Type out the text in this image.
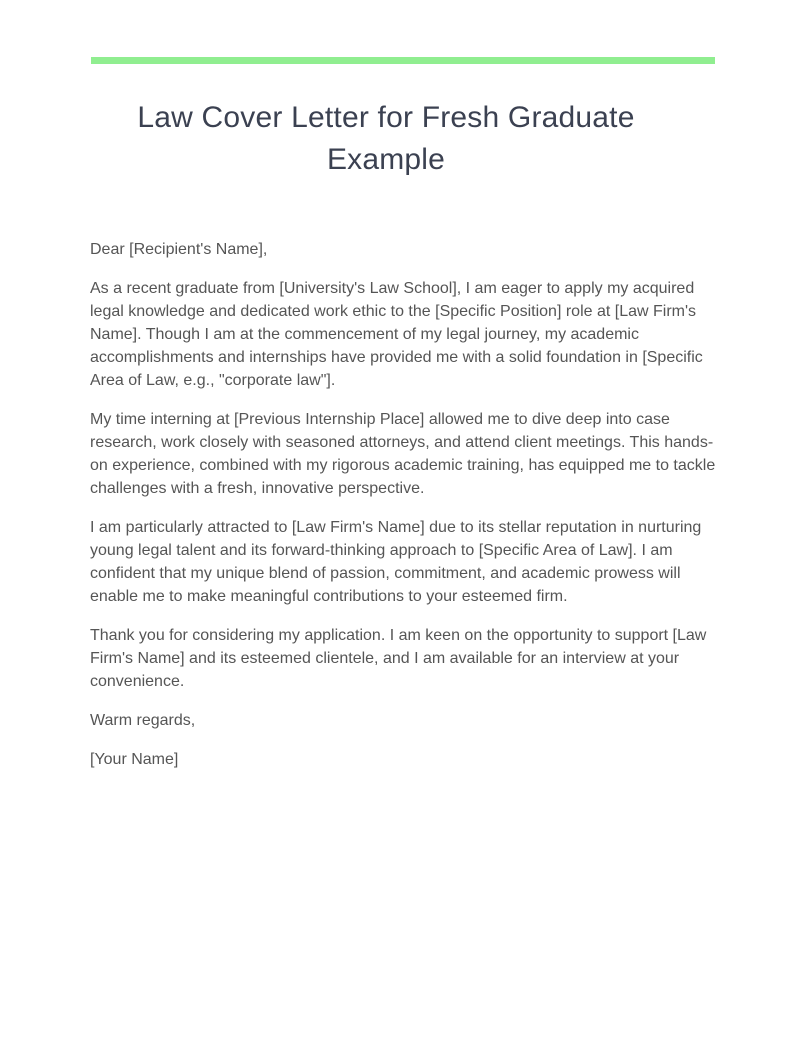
Law Cover Letter for Fresh Graduate Example

Dear [Recipient's Name],

As a recent graduate from [University's Law School], I am eager to apply my acquired legal knowledge and dedicated work ethic to the [Specific Position] role at [Law Firm's Name]. Though I am at the commencement of my legal journey, my academic accomplishments and internships have provided me with a solid foundation in [Specific Area of Law, e.g., "corporate law"].

My time interning at [Previous Internship Place] allowed me to dive deep into case research, work closely with seasoned attorneys, and attend client meetings. This hands-on experience, combined with my rigorous academic training, has equipped me to tackle challenges with a fresh, innovative perspective.

I am particularly attracted to [Law Firm's Name] due to its stellar reputation in nurturing young legal talent and its forward-thinking approach to [Specific Area of Law]. I am confident that my unique blend of passion, commitment, and academic prowess will enable me to make meaningful contributions to your esteemed firm.

Thank you for considering my application. I am keen on the opportunity to support [Law Firm's Name] and its esteemed clientele, and I am available for an interview at your convenience.

Warm regards,

[Your Name]
